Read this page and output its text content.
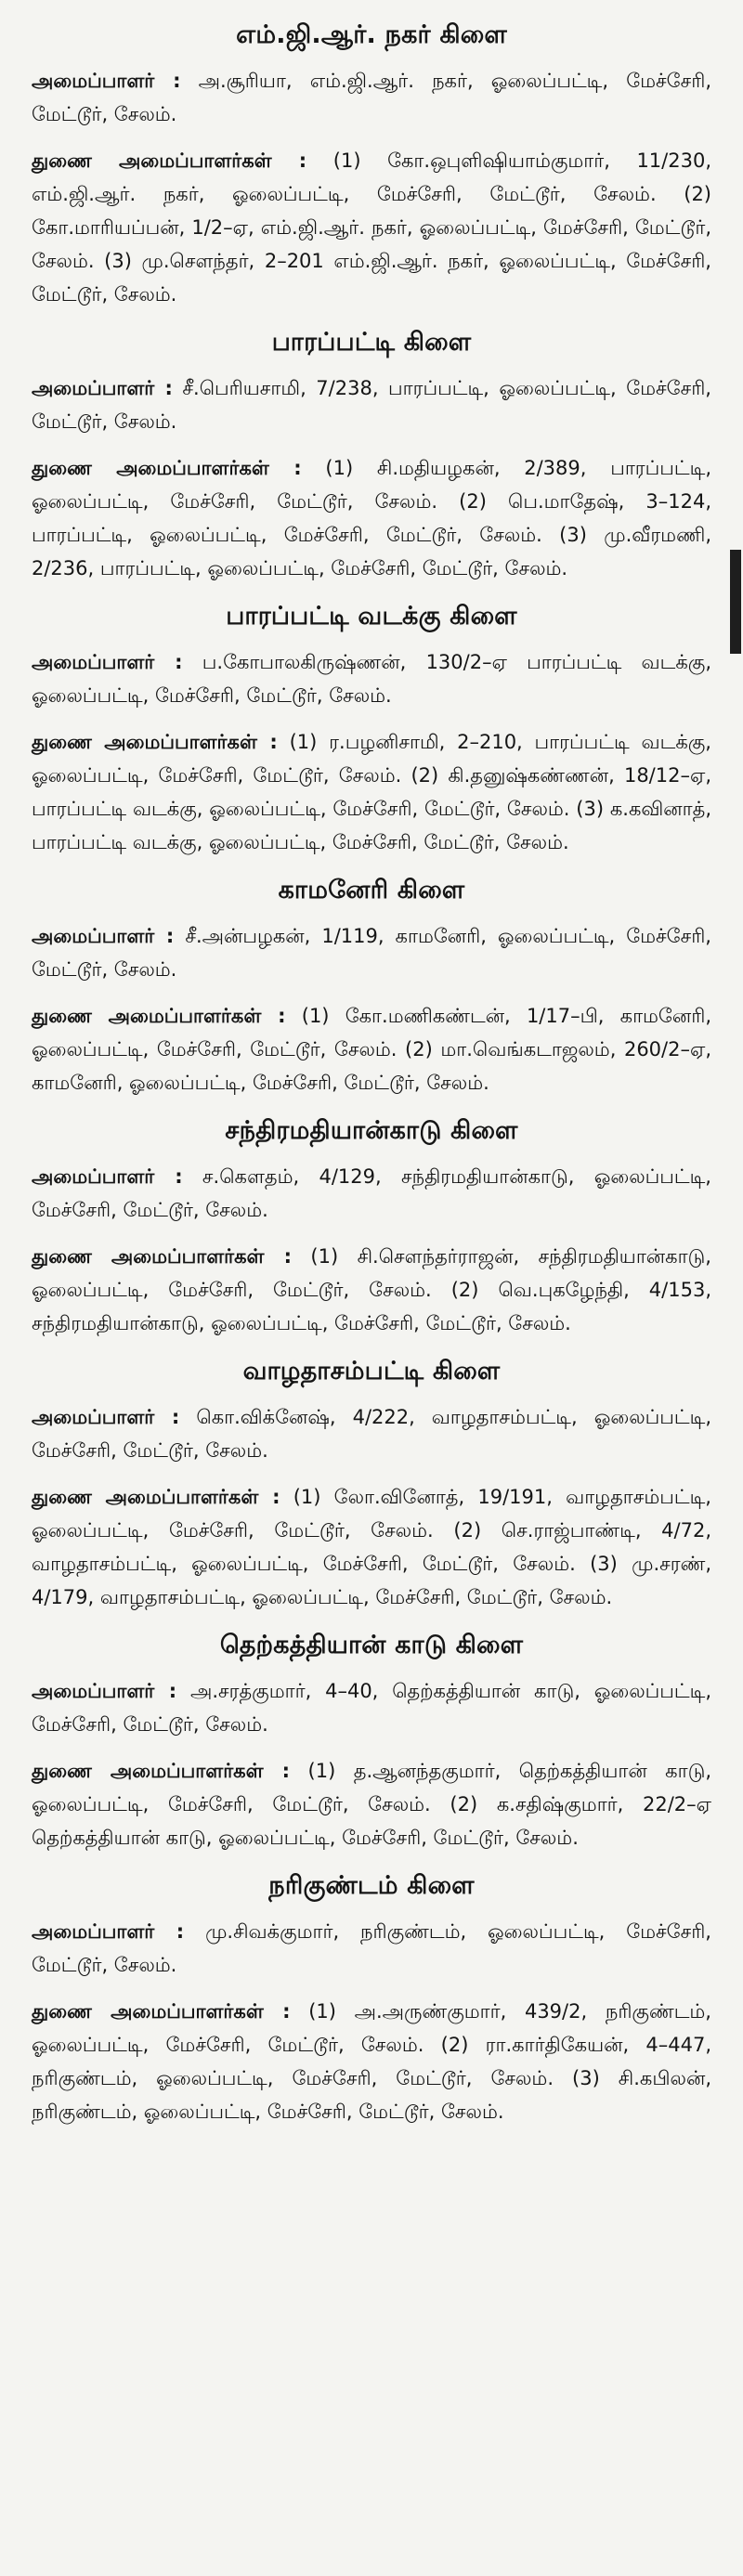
எம்.ஜி.ஆர். நகர் கிளை

அமைப்பாளர் : அ.சூரியா, எம்.ஜி.ஆர். நகர், ஓலைப்பட்டி, மேச்சேரி, மேட்டூர், சேலம்.

துணை அமைப்பாளர்கள் : (1) கோ.ஒபுளிஷியாம்குமார், 11/230, எம்.ஜி.ஆர். நகர், ஓலைப்பட்டி, மேச்சேரி, மேட்டூர், சேலம். (2) கோ.மாரியப்பன், 1/2–ஏ, எம்.ஜி.ஆர். நகர், ஓலைப்பட்டி, மேச்சேரி, மேட்டூர், சேலம். (3) மு.சௌந்தர், 2–201 எம்.ஜி.ஆர். நகர், ஓலைப்பட்டி, மேச்சேரி, மேட்டூர், சேலம்.

பாரப்பட்டி கிளை

அமைப்பாளர் : சீ.பெரியசாமி, 7/238, பாரப்பட்டி, ஓலைப்பட்டி, மேச்சேரி, மேட்டூர், சேலம்.

துணை அமைப்பாளர்கள் : (1) சி.மதியழகன், 2/389, பாரப்பட்டி, ஓலைப்பட்டி, மேச்சேரி, மேட்டூர், சேலம். (2) பெ.மாதேஷ், 3–124, பாரப்பட்டி, ஓலைப்பட்டி, மேச்சேரி, மேட்டூர், சேலம். (3) மு.வீரமணி, 2/236, பாரப்பட்டி, ஓலைப்பட்டி, மேச்சேரி, மேட்டூர், சேலம்.

பாரப்பட்டி வடக்கு கிளை

அமைப்பாளர் : ப.கோபாலகிருஷ்ணன், 130/2–ஏ பாரப்பட்டி வடக்கு, ஓலைப்பட்டி, மேச்சேரி, மேட்டூர், சேலம்.

துணை அமைப்பாளர்கள் : (1) ர.பழனிசாமி, 2–210, பாரப்பட்டி வடக்கு, ஓலைப்பட்டி, மேச்சேரி, மேட்டூர், சேலம். (2) கி.தனுஷ்கண்ணன், 18/12–ஏ, பாரப்பட்டி வடக்கு, ஓலைப்பட்டி, மேச்சேரி, மேட்டூர், சேலம். (3) க.கவினாத், பாரப்பட்டி வடக்கு, ஓலைப்பட்டி, மேச்சேரி, மேட்டூர், சேலம்.

காமனேரி கிளை

அமைப்பாளர் : சீ.அன்பழகன், 1/119, காமனேரி, ஓலைப்பட்டி, மேச்சேரி, மேட்டூர், சேலம்.

துணை அமைப்பாளர்கள் : (1) கோ.மணிகண்டன், 1/17–பி, காமனேரி, ஓலைப்பட்டி, மேச்சேரி, மேட்டூர், சேலம். (2) மா.வெங்கடாஜலம், 260/2–ஏ, காமனேரி, ஓலைப்பட்டி, மேச்சேரி, மேட்டூர், சேலம்.

சந்திரமதியான்காடு கிளை

அமைப்பாளர் : ச.கௌதம், 4/129, சந்திரமதியான்காடு, ஓலைப்பட்டி, மேச்சேரி, மேட்டூர், சேலம்.

துணை அமைப்பாளர்கள் : (1) சி.சௌந்தர்ராஜன், சந்திரமதியான்காடு, ஓலைப்பட்டி, மேச்சேரி, மேட்டூர், சேலம். (2) வெ.புகழேந்தி, 4/153, சந்திரமதியான்காடு, ஓலைப்பட்டி, மேச்சேரி, மேட்டூர், சேலம்.

வாழதாசம்பட்டி கிளை

அமைப்பாளர் : கொ.விக்னேஷ், 4/222, வாழதாசம்பட்டி, ஓலைப்பட்டி, மேச்சேரி, மேட்டூர், சேலம்.

துணை அமைப்பாளர்கள் : (1) லோ.வினோத், 19/191, வாழதாசம்பட்டி, ஓலைப்பட்டி, மேச்சேரி, மேட்டூர், சேலம். (2) செ.ராஜ்பாண்டி, 4/72, வாழதாசம்பட்டி, ஓலைப்பட்டி, மேச்சேரி, மேட்டூர், சேலம். (3) மு.சரண், 4/179, வாழதாசம்பட்டி, ஓலைப்பட்டி, மேச்சேரி, மேட்டூர், சேலம்.

தெற்கத்தியான் காடு கிளை

அமைப்பாளர் : அ.சரத்குமார், 4–40, தெற்கத்தியான் காடு, ஓலைப்பட்டி, மேச்சேரி, மேட்டூர், சேலம்.

துணை அமைப்பாளர்கள் : (1) த.ஆனந்தகுமார், தெற்கத்தியான் காடு, ஓலைப்பட்டி, மேச்சேரி, மேட்டூர், சேலம். (2) க.சதிஷ்குமார், 22/2–ஏ தெற்கத்தியான் காடு, ஓலைப்பட்டி, மேச்சேரி, மேட்டூர், சேலம்.

நரிகுண்டம் கிளை

அமைப்பாளர் : மு.சிவக்குமார், நரிகுண்டம், ஓலைப்பட்டி, மேச்சேரி, மேட்டூர், சேலம்.

துணை அமைப்பாளர்கள் : (1) அ.அருண்குமார், 439/2, நரிகுண்டம், ஓலைப்பட்டி, மேச்சேரி, மேட்டூர், சேலம். (2) ரா.கார்திகேயன், 4–447, நரிகுண்டம், ஓலைப்பட்டி, மேச்சேரி, மேட்டூர், சேலம். (3) சி.கபிலன், நரிகுண்டம், ஓலைப்பட்டி, மேச்சேரி, மேட்டூர், சேலம்.
